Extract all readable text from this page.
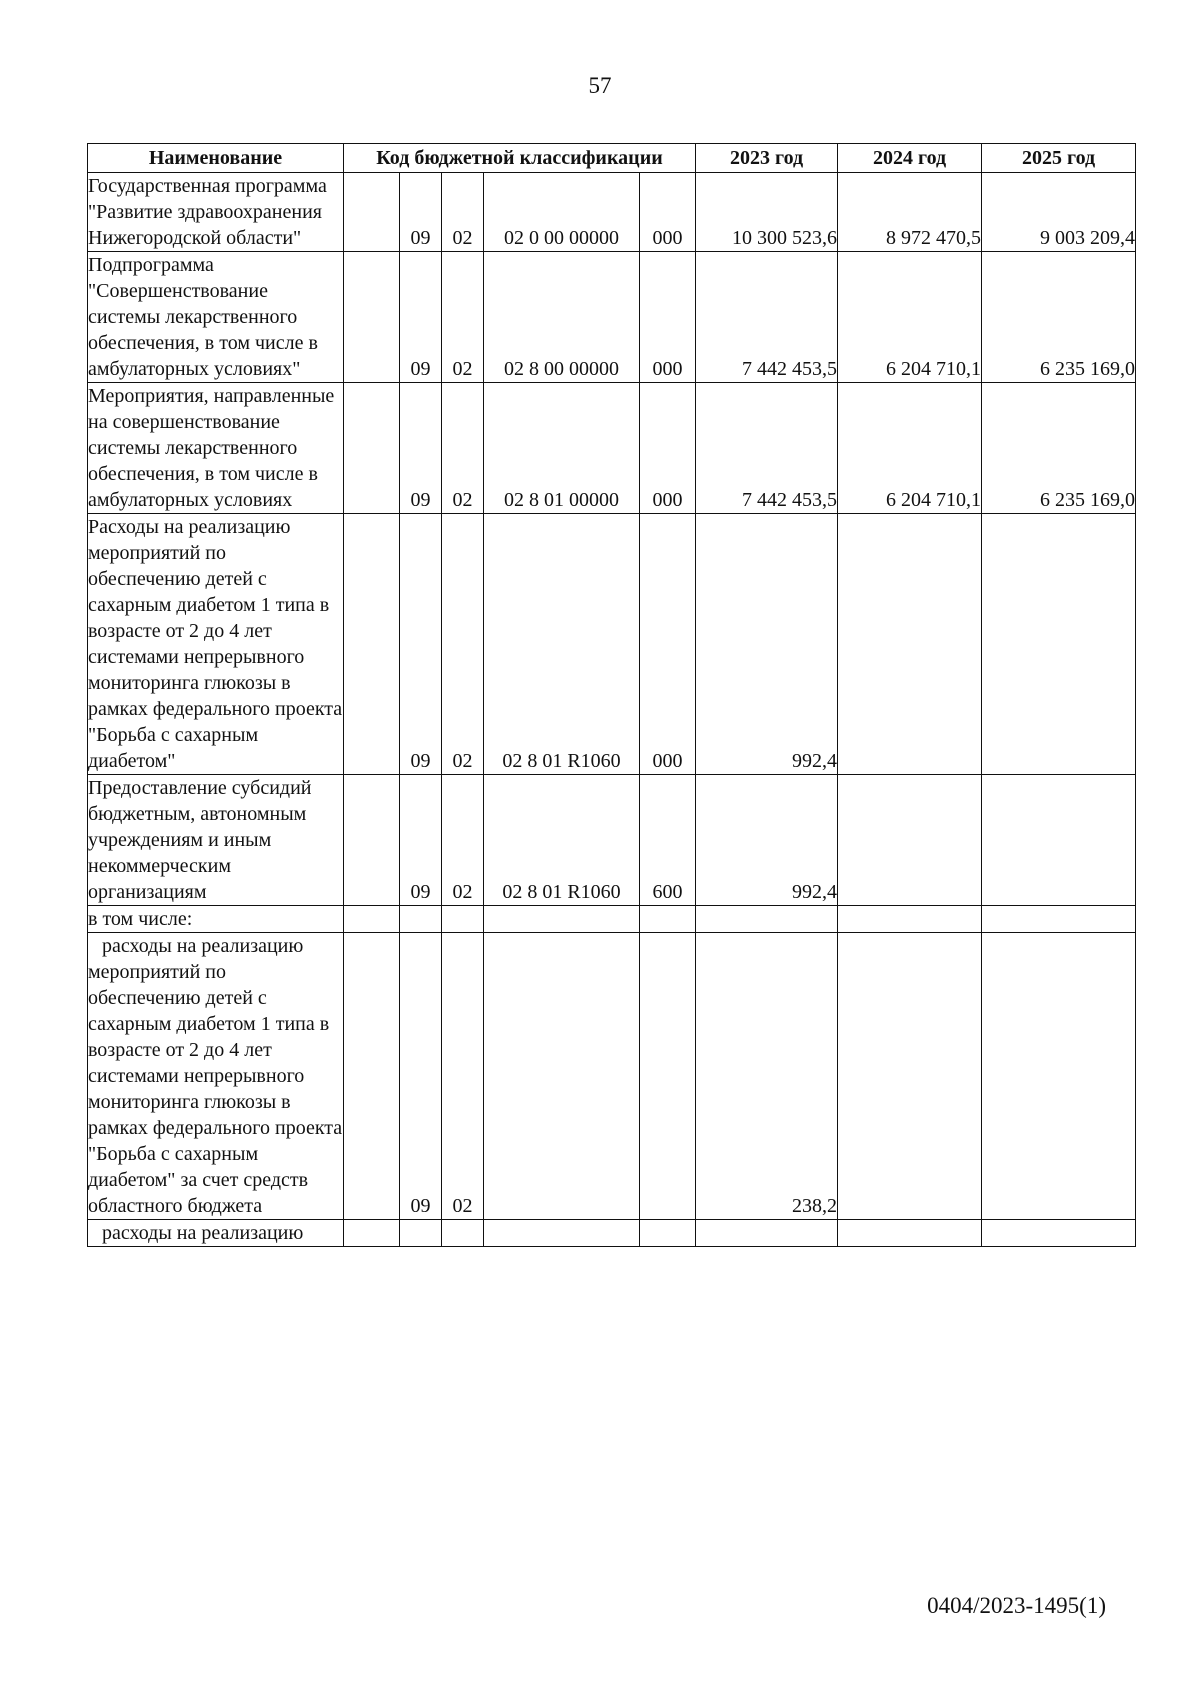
57
Наименование	Код бюджетной классификации					2023 год	2024 год	2025 год
Государственная программа "Развитие здравоохранения Нижегородской области"		09	02	02 0 00 00000	000	10 300 523,6	8 972 470,5	9 003 209,4
Подпрограмма "Совершенствование системы лекарственного обеспечения, в том числе в амбулаторных условиях"		09	02	02 8 00 00000	000	7 442 453,5	6 204 710,1	6 235 169,0
Мероприятия, направленные на совершенствование системы лекарственного обеспечения, в том числе в амбулаторных условиях		09	02	02 8 01 00000	000	7 442 453,5	6 204 710,1	6 235 169,0
Расходы на реализацию мероприятий по обеспечению детей с сахарным диабетом 1 типа в возрасте от 2 до 4 лет системами непрерывного мониторинга глюкозы в рамках федерального проекта "Борьба с сахарным диабетом"		09	02	02 8 01 R1060	000	992,4		
Предоставление субсидий бюджетным, автономным учреждениям и иным некоммерческим организациям		09	02	02 8 01 R1060	600	992,4		
в том числе:								
расходы на реализацию мероприятий по обеспечению детей с сахарным диабетом 1 типа в возрасте от 2 до 4 лет системами непрерывного мониторинга глюкозы в рамках федерального проекта "Борьба с сахарным диабетом" за счет средств областного бюджета		09	02			238,2		
расходы на реализацию								
0404/2023-1495(1)
